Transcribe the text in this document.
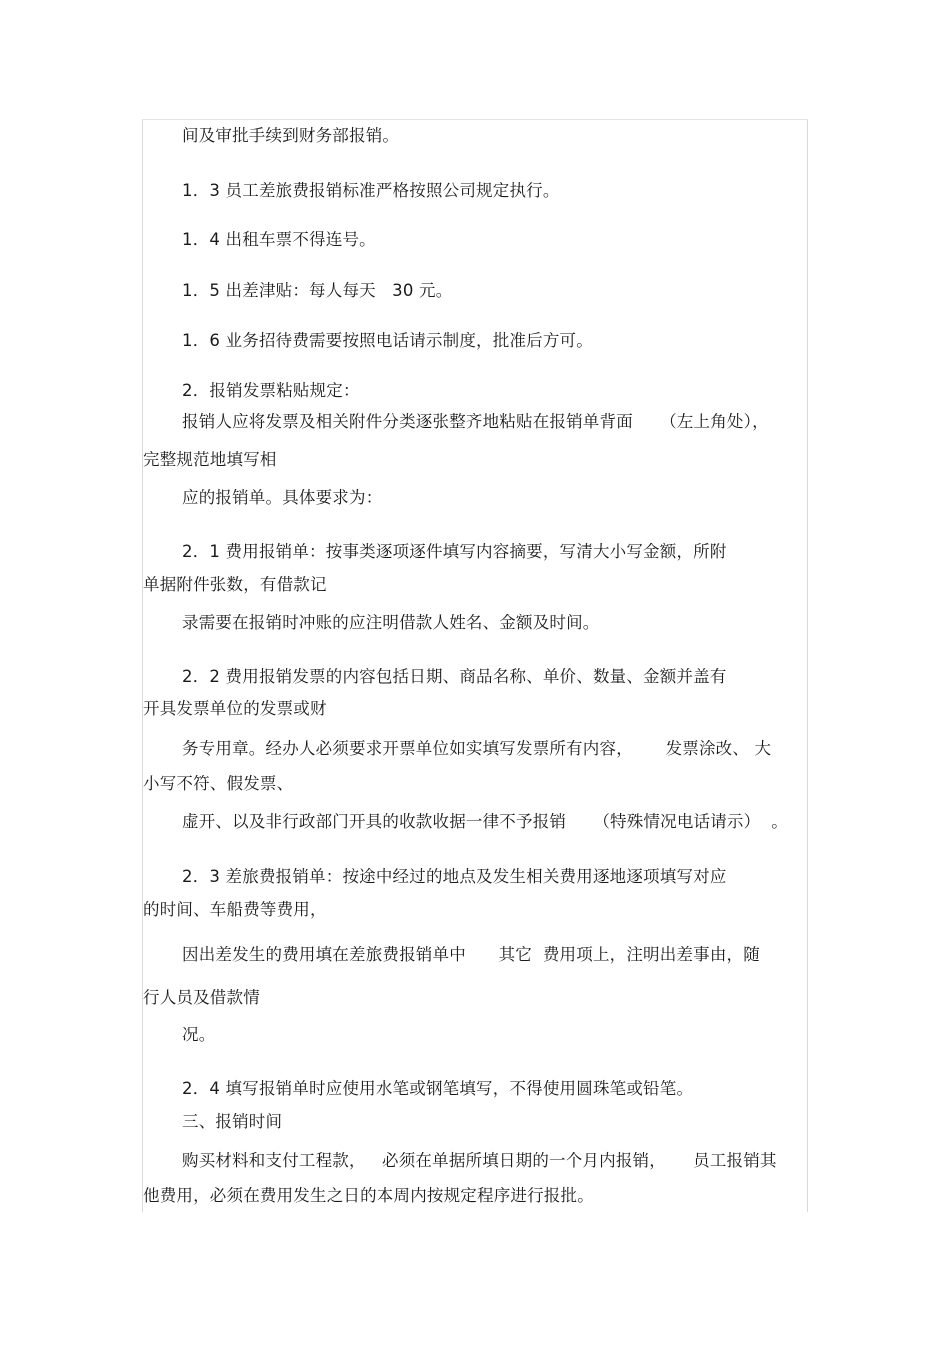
间及审批手续到财务部报销。
1．3 员工差旅费报销标准严格按照公司规定执行。
1．4 出租车票不得连号。
1．5 出差津贴：每人每天   30 元。
1．6 业务招待费需要按照电话请示制度，批准后方可。
2．报销发票粘贴规定：
报销人应将发票及相关附件分类逐张整齐地粘贴在报销单背面     （左上角处），
完整规范地填写相
应的报销单。具体要求为：
2．1 费用报销单：按事类逐项逐件填写内容摘要，写清大小写金额，所附
单据附件张数，有借款记
录需要在报销时冲账的应注明借款人姓名、金额及时间。
2．2 费用报销发票的内容包括日期、商品名称、单价、数量、金额并盖有
开具发票单位的发票或财
务专用章。经办人必须要求开票单位如实填写发票所有内容，      发票涂改、 大
小写不符、假发票、
虚开、以及非行政部门开具的收款收据一律不予报销     （特殊情况电话请示）  。
2．3 差旅费报销单：按途中经过的地点及发生相关费用逐地逐项填写对应
的时间、车船费等费用，
因出差发生的费用填在差旅费报销单中      其它  费用项上，注明出差事由，随
行人员及借款情
况。
2．4 填写报销单时应使用水笔或钢笔填写，不得使用圆珠笔或铅笔。
三、报销时间
购买材料和支付工程款，   必须在单据所填日期的一个月内报销，     员工报销其
他费用，必须在费用发生之日的本周内按规定程序进行报批。
